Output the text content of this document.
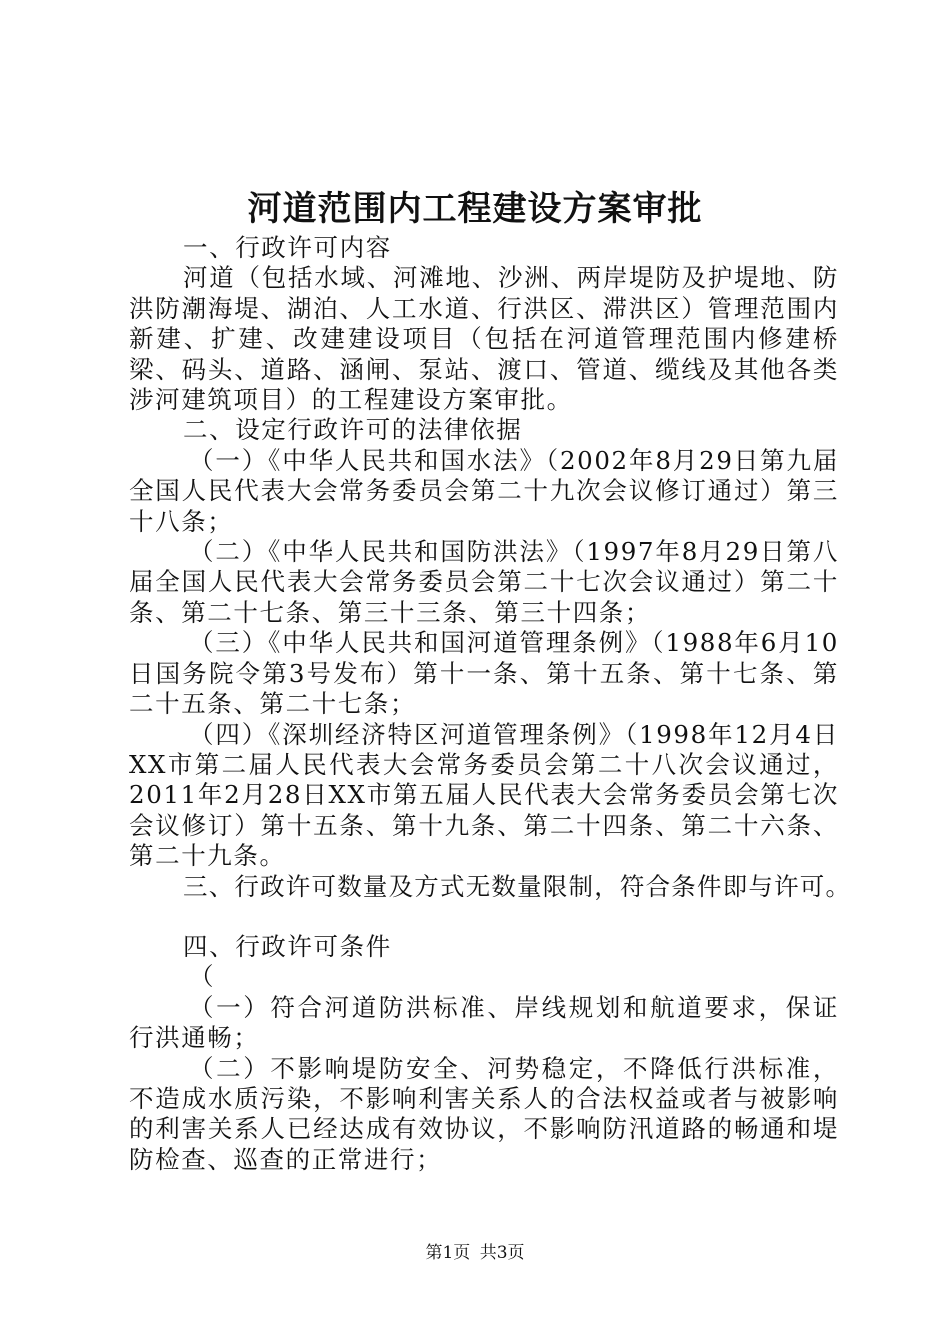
河道范围内工程建设方案审批

一、行政许可内容

河道（包括水域、河滩地、沙洲、两岸堤防及护堤地、防洪防潮海堤、湖泊、人工水道、行洪区、滞洪区）管理范围内新建、扩建、改建建设项目（包括在河道管理范围内修建桥梁、码头、道路、涵闸、泵站、渡口、管道、缆线及其他各类涉河建筑项目）的工程建设方案审批。

二、设定行政许可的法律依据

（一）《中华人民共和国水法》（2002年8月29日第九届全国人民代表大会常务委员会第二十九次会议修订通过）第三十八条；

（二）《中华人民共和国防洪法》（1997年8月29日第八届全国人民代表大会常务委员会第二十七次会议通过）第二十条、第二十七条、第三十三条、第三十四条；

（三）《中华人民共和国河道管理条例》（1988年6月10日国务院令第3号发布）第十一条、第十五条、第十七条、第二十五条、第二十七条；

（四）《深圳经济特区河道管理条例》（1998年12月4日XX市第二届人民代表大会常务委员会第二十八次会议通过，2011年2月28日XX市第五届人民代表大会常务委员会第七次会议修订）第十五条、第十九条、第二十四条、第二十六条、第二十九条。

三、行政许可数量及方式无数量限制，符合条件即与许可。

四、行政许可条件

（

（一）符合河道防洪标准、岸线规划和航道要求，保证行洪通畅；

（二）不影响堤防安全、河势稳定，不降低行洪标准，不造成水质污染，不影响利害关系人的合法权益或者与被影响的利害关系人已经达成有效协议，不影响防汛道路的畅通和堤防检查、巡查的正常进行；

第1页 共3页
